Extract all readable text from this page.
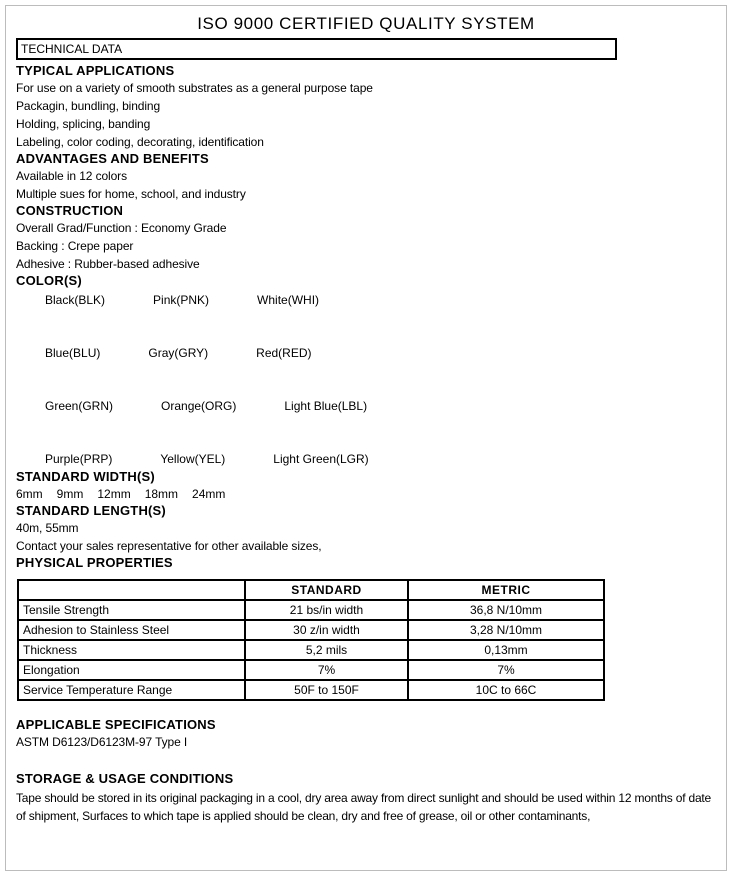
ISO 9000 CERTIFIED QUALITY SYSTEM
TECHNICAL DATA
TYPICAL APPLICATIONS
For use on a variety of smooth substrates as a general purpose tape
Packagin, bundling, binding
Holding, splicing, banding
Labeling, color coding, decorating, identification
ADVANTAGES AND BENEFITS
Available in 12 colors
Multiple sues for home, school, and industry
CONSTRUCTION
Overall Grad/Function : Economy Grade
Backing : Crepe paper
Adhesive : Rubber-based adhesive
COLOR(S)
Black(BLK)	Pink(PNK)	White(WHI)
Blue(BLU)	Gray(GRY)	Red(RED)
Green(GRN)	Orange(ORG)	Light Blue(LBL)
Purple(PRP)	Yellow(YEL)	Light Green(LGR)
STANDARD WIDTH(S)
6mm 9mm 12mm 18mm 24mm
STANDARD LENGTH(S)
40m, 55mm
Contact your sales representative for other available sizes,
PHYSICAL PROPERTIES
	STANDARD	METRIC
Tensile Strength	21 bs/in width	36,8 N/10mm
Adhesion to Stainless Steel	30 z/in width	3,28 N/10mm
Thickness	5,2 mils	0,13mm
Elongation	7%	7%
Service Temperature Range	50F to 150F	10C to 66C
APPLICABLE SPECIFICATIONS
ASTM D6123/D6123M-97 Type I
STORAGE & USAGE CONDITIONS
Tape should be stored in its original packaging in a cool, dry area away from direct sunlight and should be used within 12 months of date of shipment, Surfaces to which tape is applied should be clean, dry and free of grease, oil or other contaminants,
